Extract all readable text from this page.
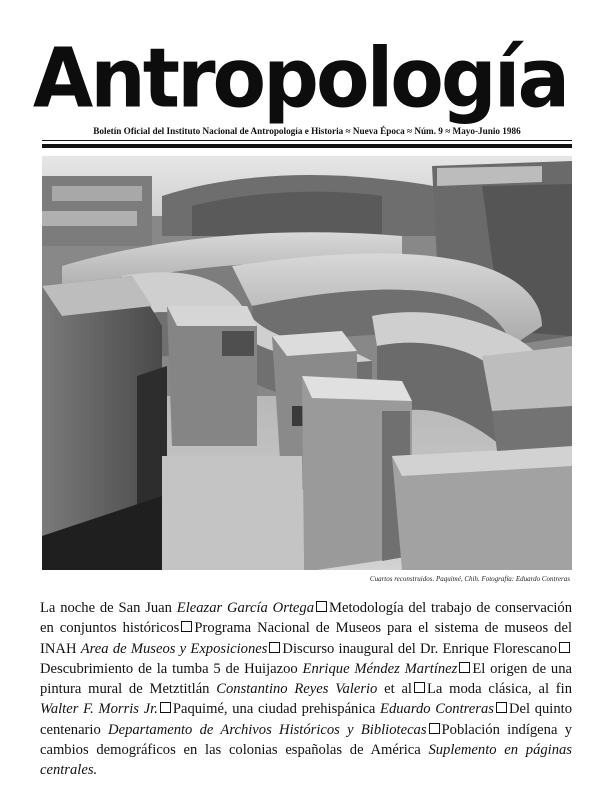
Antropología
Boletín Oficial del Instituto Nacional de Antropología e Historia ≈ Nueva Época ≈ Núm. 9 ≈ Mayo-Junio 1986
Cuartos reconstruidos. Paquimé, Chih. Fotografía: Eduardo Contreras
La noche de San Juan Eleazar García Ortega Metodología del trabajo de conservación en conjuntos históricos Programa Nacional de Museos para el sistema de museos del INAH Area de Museos y Exposiciones Discurso inaugural del Dr. Enrique FlorescanoDescubrimiento de la tumba 5 de Huijazoo Enrique Méndez Martínez El origen de una pintura mural de Metztitlán Constantino Reyes Valerio et al La moda clásica, al fin Walter F. Morris Jr. Paquimé, una ciudad prehispánica Eduardo Contreras Del quinto centenario Departamento de Archivos Históricos y Bibliotecas Población indígena y cambios demográficos en las colonias españolas de América Suplemento en páginas centrales.
